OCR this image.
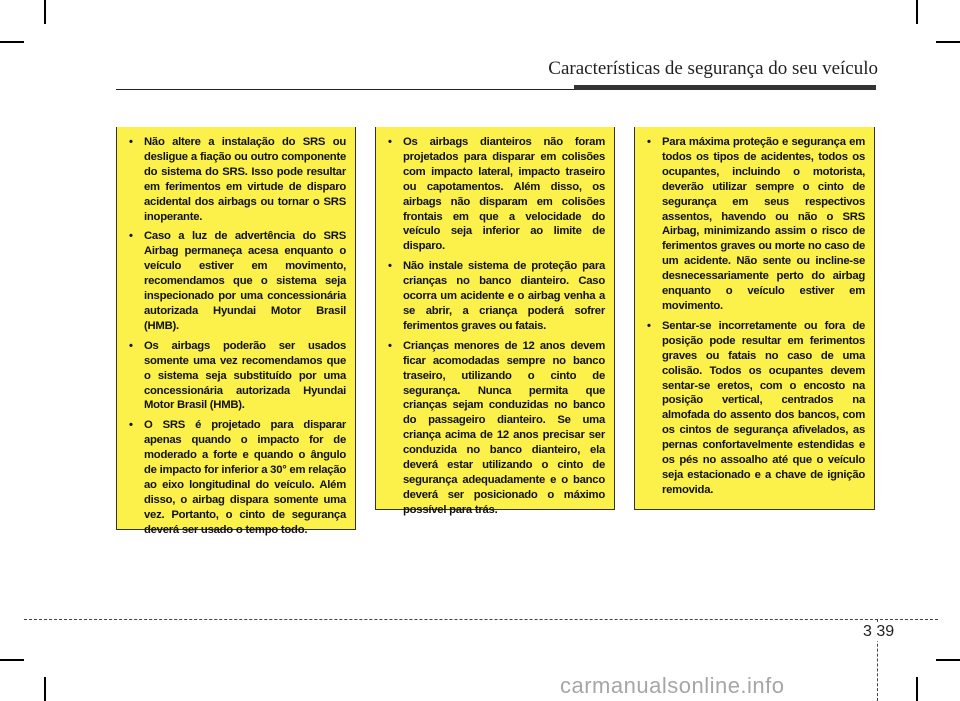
Características de segurança do seu veículo
• Não altere a instalação do SRS ou desligue a fiação ou outro componente do sistema do SRS. Isso pode resultar em ferimentos em virtude de disparo acidental dos airbags ou tornar o SRS inoperante.
• Caso a luz de advertência do SRS Airbag permaneça acesa enquanto o veículo estiver em movimento, recomendamos que o sistema seja inspecionado por uma concessionária autorizada Hyundai Motor Brasil (HMB).
• Os airbags poderão ser usados somente uma vez recomendamos que o sistema seja substituído por uma concessionária autorizada Hyundai Motor Brasil (HMB).
• O SRS é projetado para disparar apenas quando o impacto for de moderado a forte e quando o ângulo de impacto for inferior a 30° em relação ao eixo longitudinal do veículo. Além disso, o airbag dispara somente uma vez. Portanto, o cinto de segurança deverá ser usado o tempo todo.
• Os airbags dianteiros não foram projetados para disparar em colisões com impacto lateral, impacto traseiro ou capotamentos. Além disso, os airbags não disparam em colisões frontais em que a velocidade do veículo seja inferior ao limite de disparo.
• Não instale sistema de proteção para crianças no banco dianteiro. Caso ocorra um acidente e o airbag venha a se abrir, a criança poderá sofrer ferimentos graves ou fatais.
• Crianças menores de 12 anos devem ficar acomodadas sempre no banco traseiro, utilizando o cinto de segurança. Nunca permita que crianças sejam conduzidas no banco do passageiro dianteiro. Se uma criança acima de 12 anos precisar ser conduzida no banco dianteiro, ela deverá estar utilizando o cinto de segurança adequadamente e o banco deverá ser posicionado o máximo possível para trás.
• Para máxima proteção e segurança em todos os tipos de acidentes, todos os ocupantes, incluindo o motorista, deverão utilizar sempre o cinto de segurança em seus respectivos assentos, havendo ou não o SRS Airbag, minimizando assim o risco de ferimentos graves ou morte no caso de um acidente. Não sente ou incline-se desnecessariamente perto do airbag enquanto o veículo estiver em movimento.
• Sentar-se incorretamente ou fora de posição pode resultar em ferimentos graves ou fatais no caso de uma colisão. Todos os ocupantes devem sentar-se eretos, com o encosto na posição vertical, centrados na almofada do assento dos bancos, com os cintos de segurança afivelados, as pernas confortavelmente estendidas e os pés no assoalho até que o veículo seja estacionado e a chave de ignição removida.
3 39
carmanualsonline.info
